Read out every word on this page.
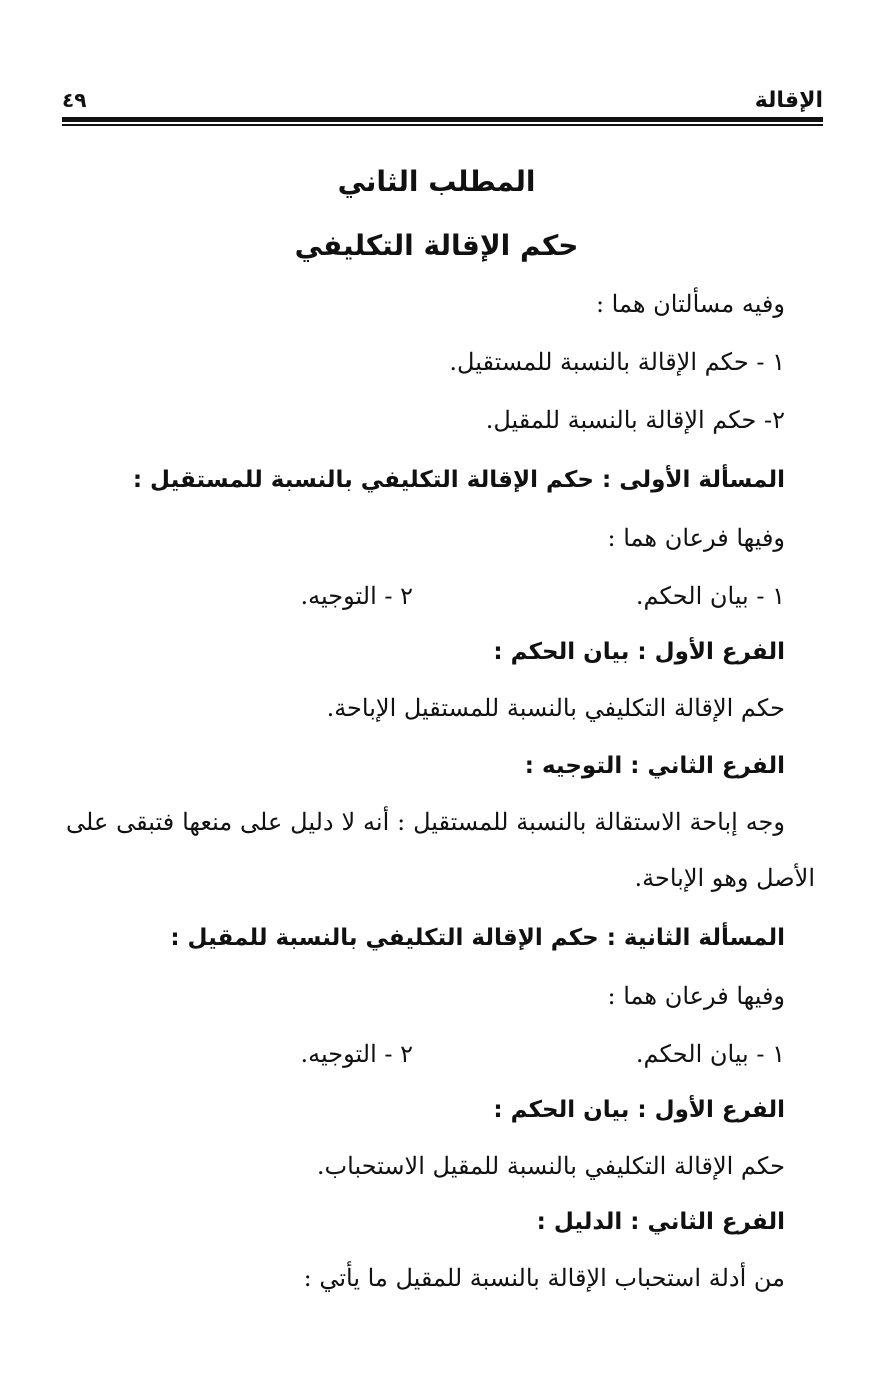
٤٩	الإقالة
المطلب الثاني
حكم الإقالة التكليفي
وفيه مسألتان هما :
١ - حكم الإقالة بالنسبة للمستقيل.
٢- حكم الإقالة بالنسبة للمقيل.
المسألة الأولى : حكم الإقالة التكليفي بالنسبة للمستقيل :
وفيها فرعان هما :
١ - بيان الحكم.
٢ - التوجيه.
الفرع الأول : بيان الحكم :
حكم الإقالة التكليفي بالنسبة للمستقيل الإباحة.
الفرع الثاني : التوجيه :
وجه إباحة الاستقالة بالنسبة للمستقيل : أنه لا دليل على منعها فتبقى على
الأصل وهو الإباحة.
المسألة الثانية : حكم الإقالة التكليفي بالنسبة للمقيل :
وفيها فرعان هما :
١ - بيان الحكم.
٢ - التوجيه.
الفرع الأول : بيان الحكم :
حكم الإقالة التكليفي بالنسبة للمقيل الاستحباب.
الفرع الثاني : الدليل :
من أدلة استحباب الإقالة بالنسبة للمقيل ما يأتي :
